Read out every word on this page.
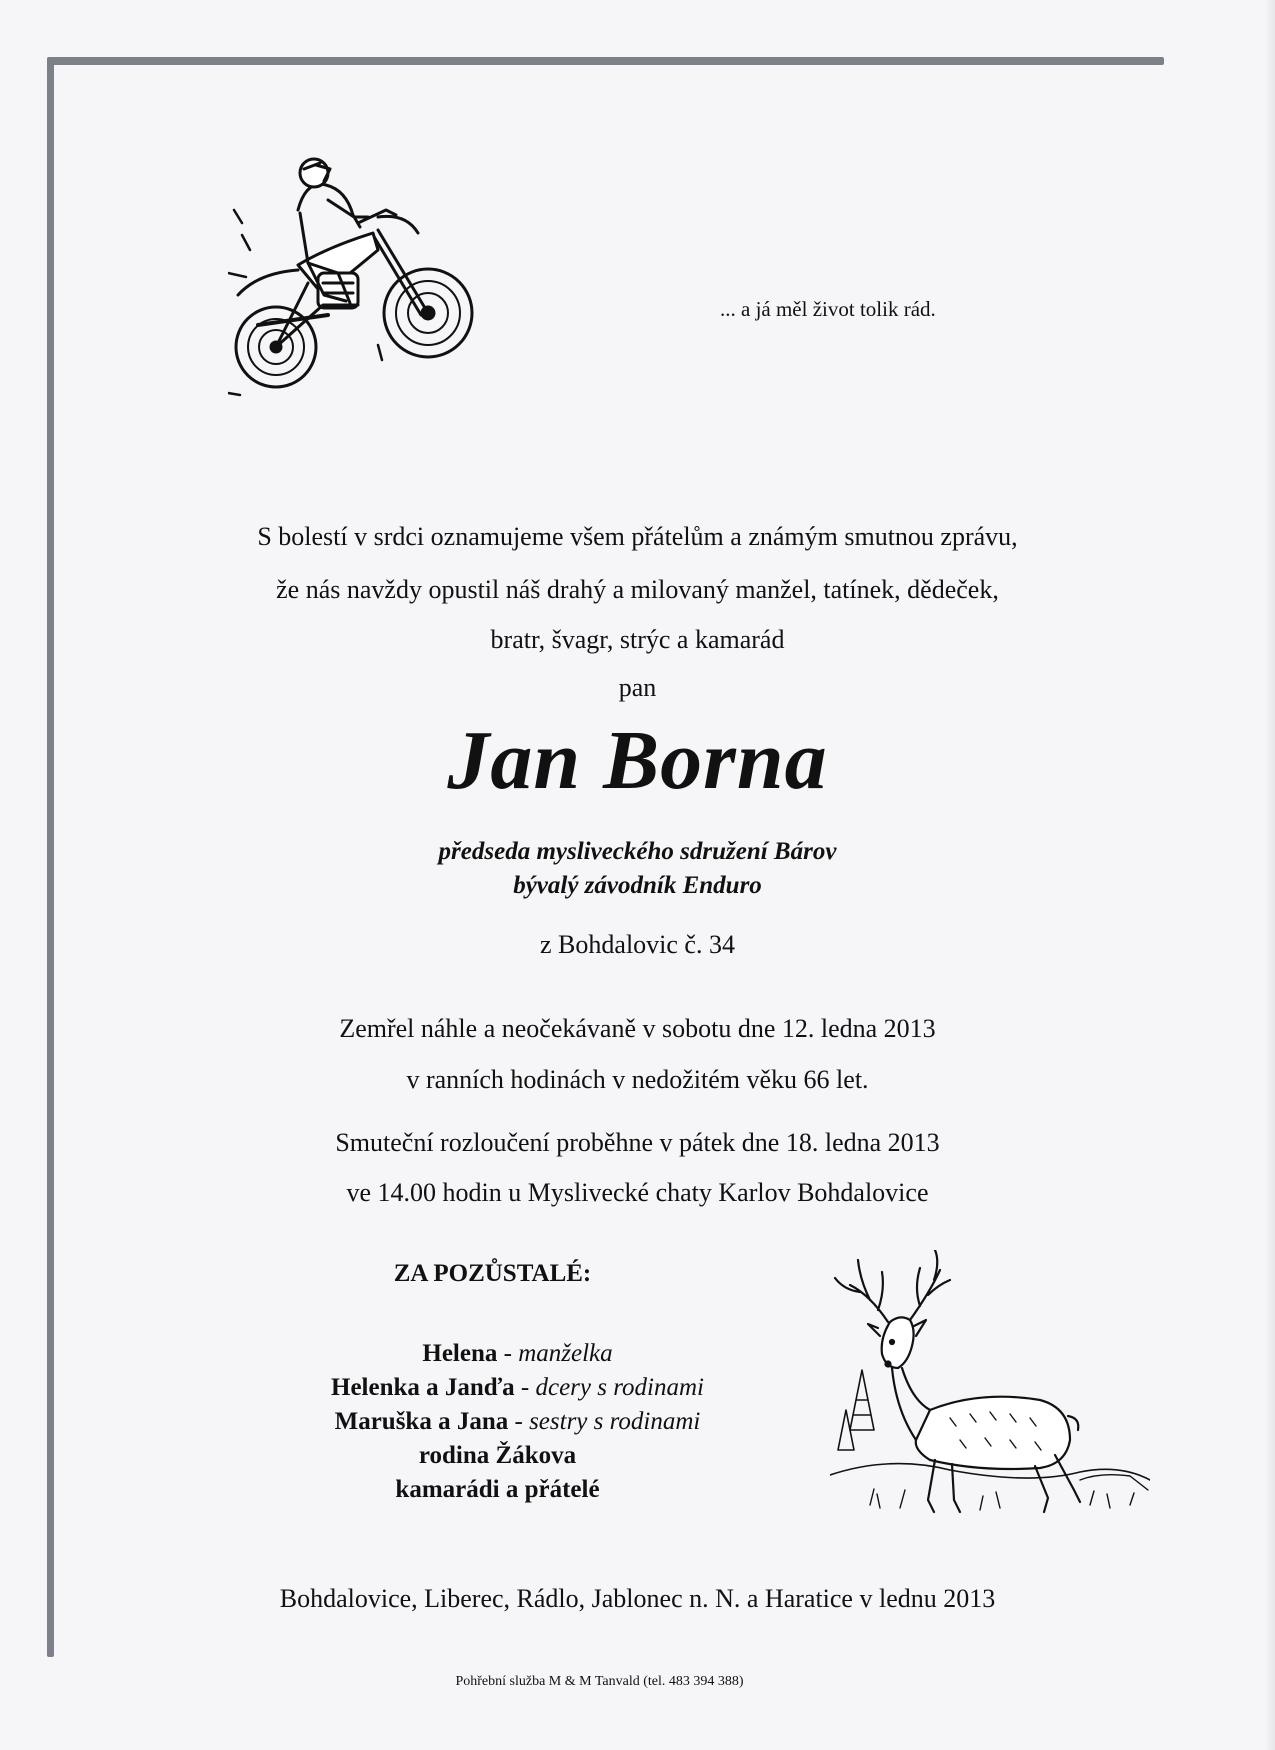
... a já měl život tolik rád.
S bolestí v srdci oznamujeme všem přátelům a známým smutnou zprávu,
že nás navždy opustil náš drahý a milovaný manžel, tatínek, dědeček,
bratr, švagr, strýc a kamarád
pan
Jan Borna
předseda mysliveckého sdružení Bárov
bývalý závodník Enduro
z Bohdalovic č. 34
Zemřel náhle a neočekávaně v sobotu dne 12. ledna 2013
v ranních hodinách v nedožitém věku 66 let.
Smuteční rozloučení proběhne v pátek dne 18. ledna 2013
ve 14.00 hodin u Myslivecké chaty Karlov Bohdalovice
ZA POZŮSTALÉ:
Helena - manželka
Helenka a Janďa - dcery s rodinami
Maruška a Jana - sestry s rodinami
rodina Žákova
kamarádi a přátelé
Bohdalovice, Liberec, Rádlo, Jablonec n. N. a Haratice v lednu 2013
Pohřební služba M & M Tanvald (tel. 483 394 388)
